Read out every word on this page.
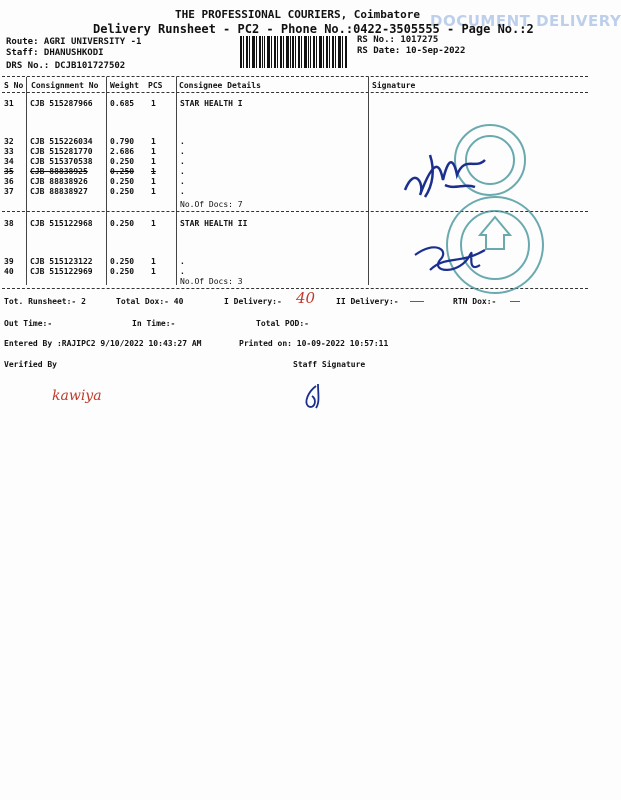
DOCUMENT DELIVERY
THE PROFESSIONAL COURIERS, Coimbatore
Delivery Runsheet - PC2 - Phone No.:0422-3505555 - Page No.:2
Route: AGRI UNIVERSITY -1
Staff: DHANUSHKODI
DRS No.: DCJB101727502
RS No.: 1017275
RS Date: 10-Sep-2022
S No Consignment No Weight PCS Consignee Details	Signature
31 CJB 515287966 0.685 1	STAR HEALTH I
32 CJB 515226034 0.790 1	.
33 CJB 515281770 2.686 1	.
34 CJB 515370538 0.250 1	.
35 CJB 88838925	0.250 1	.
36 CJB 88838926	0.250 1	.
37 CJB 88838927	0.250 1	.
No.Of Docs: 7
38 CJB 515122968 0.250 1	STAR HEALTH II
39 CJB 515123122 0.250 1	.
40 CJB 515122969 0.250 1	.
No.Of Docs: 3
Tot. Runsheet:- 2	Total Dox:- 40	I Delivery:- 40	II Delivery:-	RTN Dox:-
Out Time:-	In Time:-	Total POD:-
Entered By :RAJIPC2 9/10/2022 10:43:27 AM	Printed on: 10-09-2022 10:57:11
Verified By	Staff Signature
kawiya
